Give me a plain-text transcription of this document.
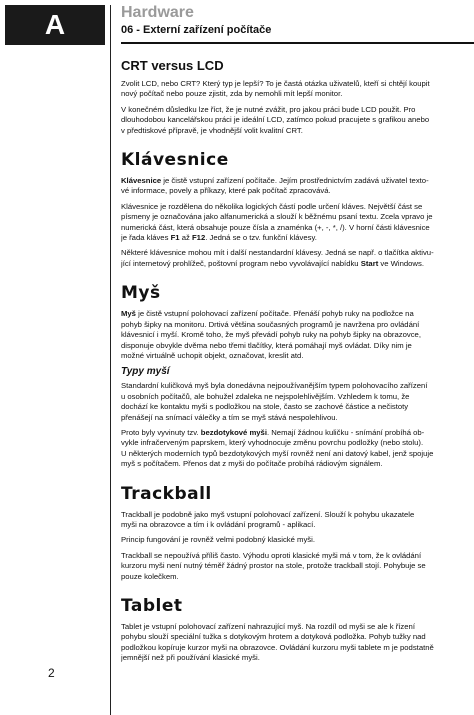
A	Hardware
06 - Externí zařízení počítače
2
CRT versus LCD

Zvolit LCD, nebo CRT? Který typ je lepší? To je častá otázka uživatelů, kteří si chtějí koupit
nový počítač nebo pouze zjistit, zda by nemohli mít lepší monitor.

V konečném důsledku lze říct, že je nutné zvážit, pro jakou práci bude LCD použit. Pro
dlouhodobou kancelářskou práci je ideální LCD, zatímco pokud pracujete s grafikou anebo
v předtiskové přípravě, je vhodnější volit kvalitní CRT.

Klávesnice

Klávesnice je čistě vstupní zařízení počítače. Jejím prostřednictvím zadává uživatel texto-
vé informace, povely a příkazy, které pak počítač zpracovává.

Klávesnice je rozdělena do několika logických částí podle určení kláves. Největší část se
písmeny je označována jako alfanumerická a slouží k běžnému psaní textu. Zcela vpravo je
numerická část, která obsahuje pouze čísla a znaménka (+, -, *, /). V horní části klávesnice
je řada kláves F1 až F12. Jedná se o tzv. funkční klávesy.

Některé klávesnice mohou mít i další nestandardní klávesy. Jedná se např. o tlačítka aktivu-
jící internetový prohlížeč, poštovní program nebo vyvolávající nabídku Start ve Windows.

Myš

Myš je čistě vstupní polohovací zařízení počítače. Přenáší pohyb ruky na podložce na
pohyb šipky na monitoru. Drtivá většina současných programů je navržena pro ovládání
klávesnicí i myší. Kromě toho, že myš převádí pohyb ruky na pohyb šipky na obrazovce,
disponuje obvykle dvěma nebo třemi tlačítky, která pomáhají myš ovládat. Díky nim je
možné virtuálně uchopit objekt, označovat, kreslit atd.

Typy myší

Standardní kuličková myš byla donedávna nejpoužívanějším typem polohovacího zařízení
u osobních počítačů, ale bohužel zdaleka ne nejspolehlivějším. Vzhledem k tomu, že
dochází ke kontaktu myši s podložkou na stole, často se zachové částice a nečistoty
přenášejí na snímací válečky a tím se myš stává nespolehlivou.

Proto byly vyvinuty tzv. bezdotykové myši. Nemají žádnou kuličku - snímání probíhá ob-
vykle infračerveným paprskem, který vyhodnocuje změnu povrchu podložky (nebo stolu).
U některých moderních typů bezdotykových myší rovněž není ani datový kabel, jenž spojuje
myš s počítačem. Přenos dat z myši do počítače probíhá rádiovým signálem.

Trackball

Trackball je podobně jako myš vstupní polohovací zařízení. Slouží k pohybu ukazatele
myši na obrazovce a tím i k ovládání programů - aplikací.

Princip fungování je rovněž velmi podobný klasické myši.

Trackball se nepoužívá příliš často. Výhodu oproti klasické myši má v tom, že k ovládání
kurzoru myši není nutný téměř žádný prostor na stole, protože trackball stojí. Pohybuje se
pouze kolečkem.

Tablet

Tablet je vstupní polohovací zařízení nahrazující myš. Na rozdíl od myši se ale k řízení
pohybu slouží speciální tužka s dotykovým hrotem a dotyková podložka. Pohyb tužky nad
podložkou kopíruje kurzor myši na obrazovce. Ovládání kurzoru myši tablete m je podstatně
jemnější než při používání klasické myši.
